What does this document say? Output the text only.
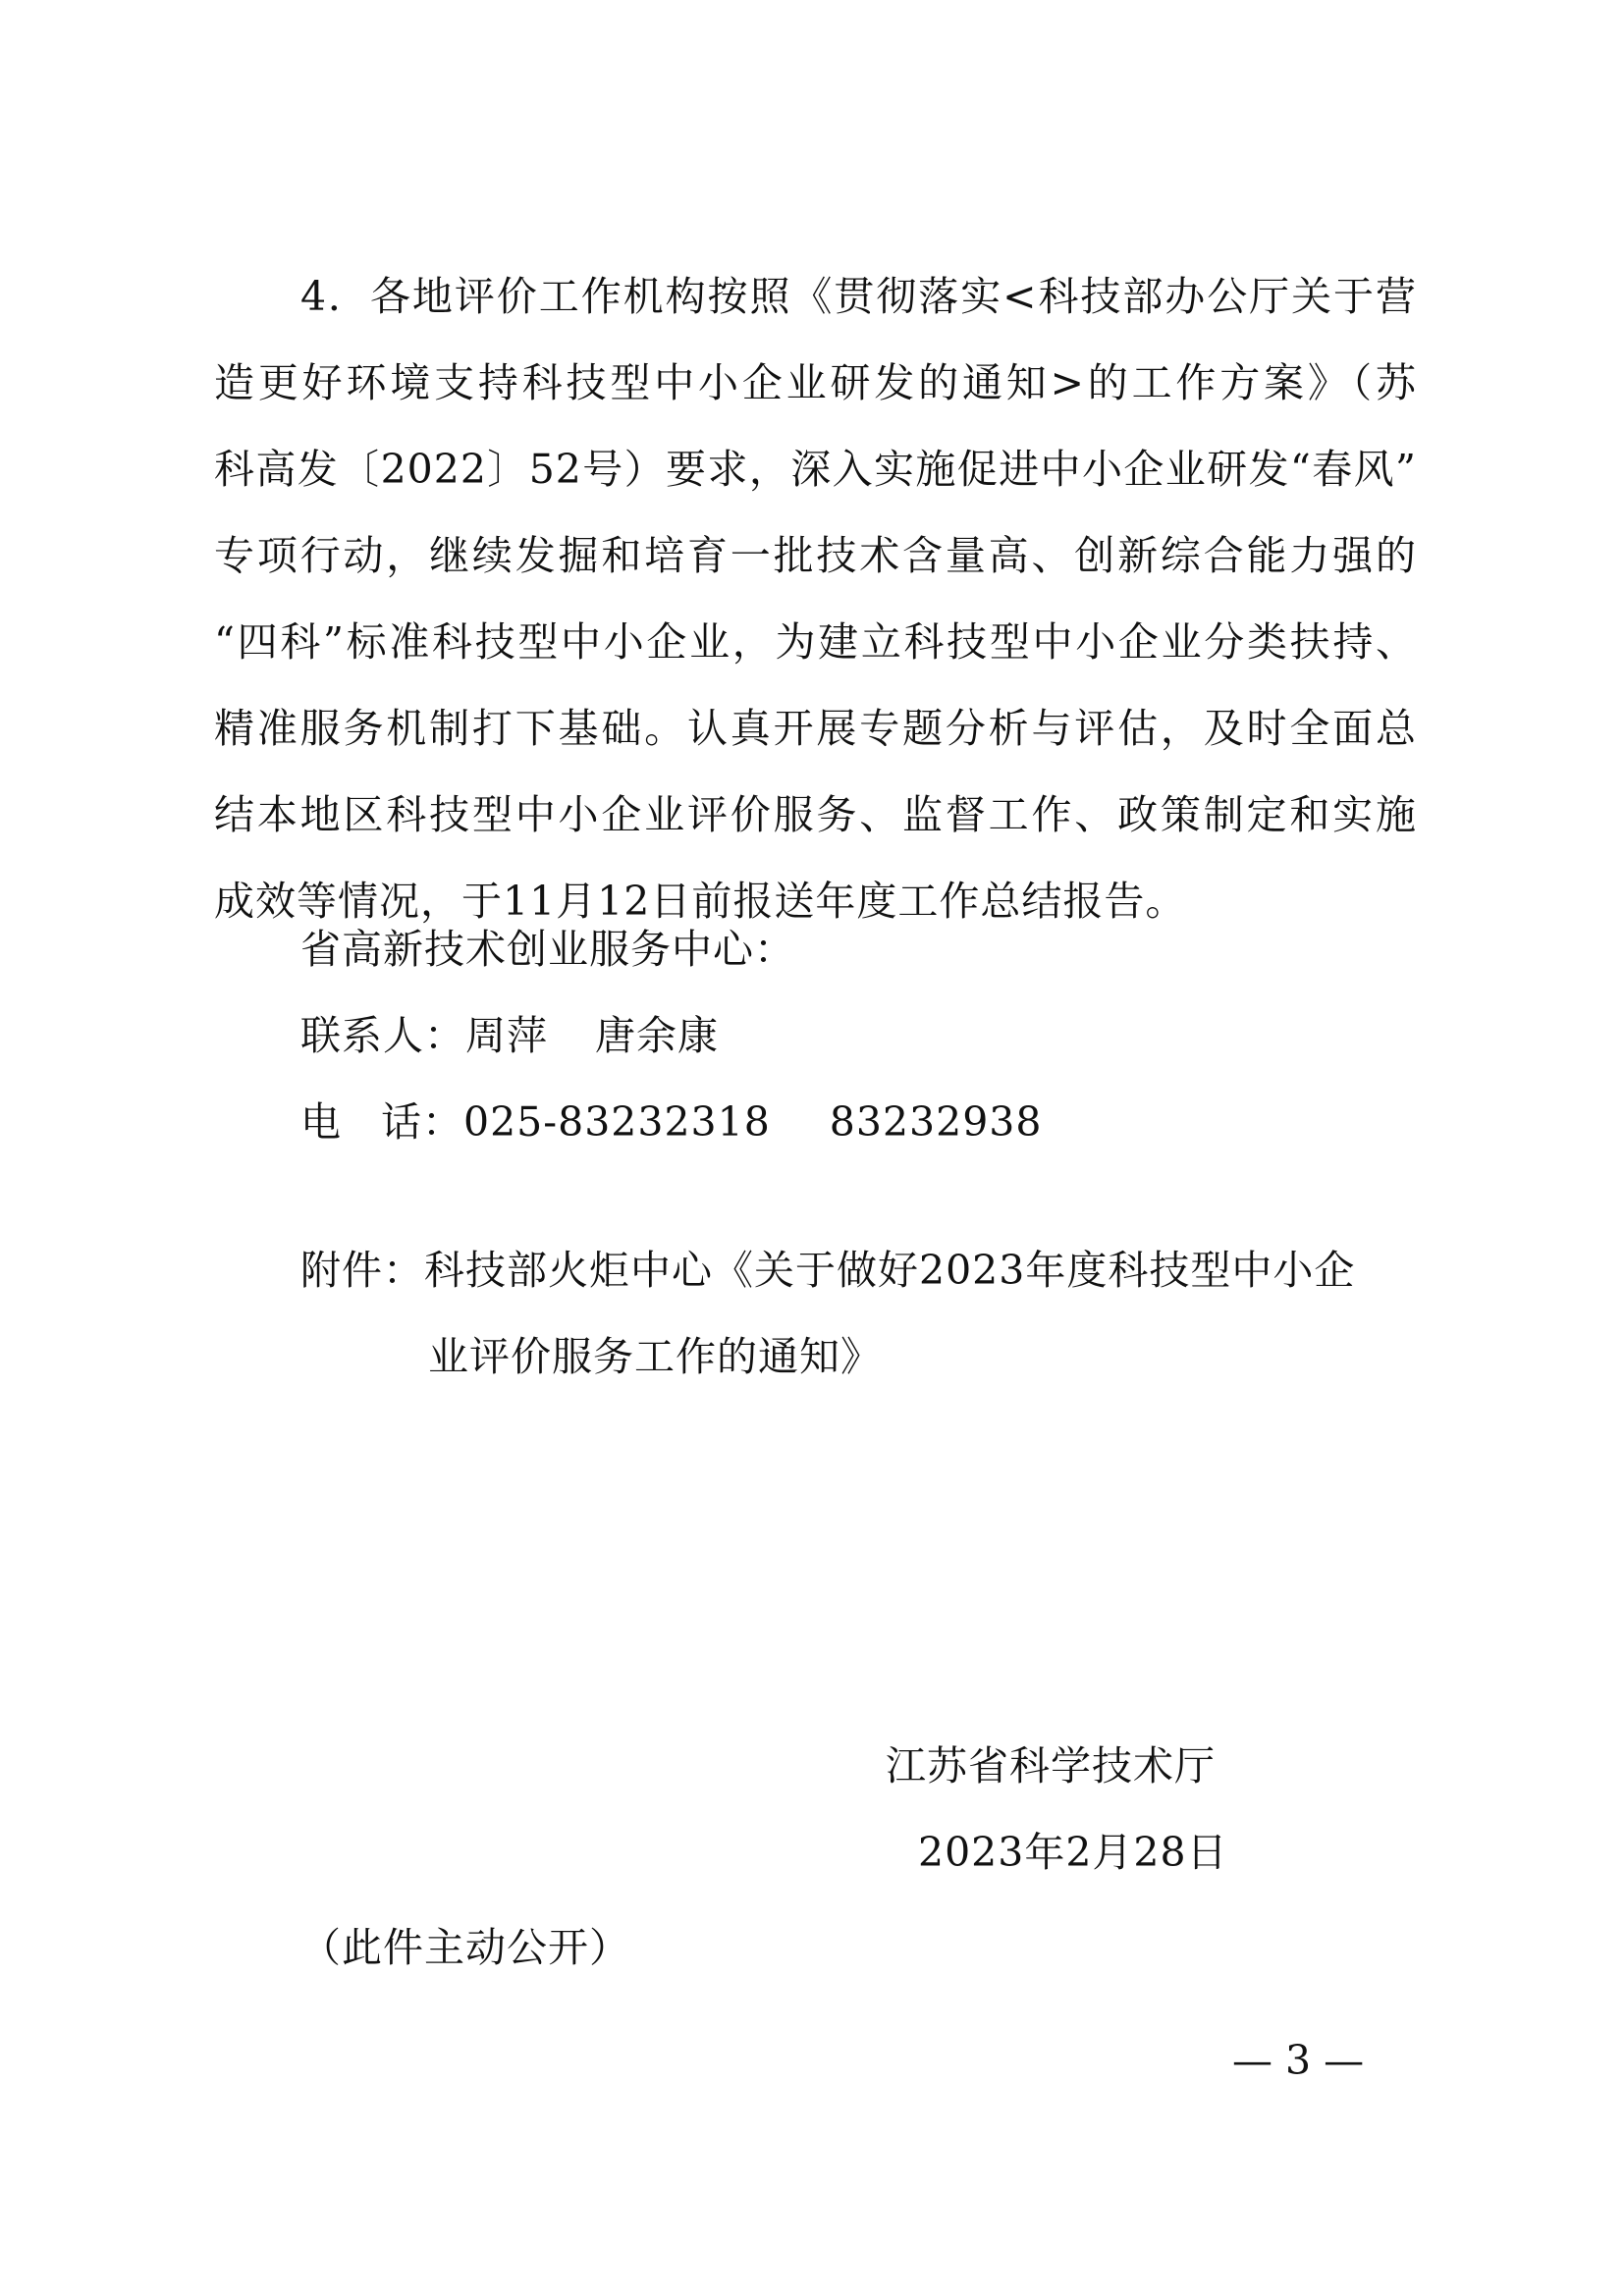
4．各地评价工作机构按照《贯彻落实<科技部办公厅关于营
造更好环境支持科技型中小企业研发的通知>的工作方案》（苏
科高发〔2022〕52号）要求，深入实施促进中小企业研发“春风”
专项行动，继续发掘和培育一批技术含量高、创新综合能力强的
“四科”标准科技型中小企业，为建立科技型中小企业分类扶持、
精准服务机制打下基础。认真开展专题分析与评估，及时全面总
结本地区科技型中小企业评价服务、监督工作、政策制定和实施
成效等情况，于11月12日前报送年度工作总结报告。
省高新技术创业服务中心：
联系人：周萍 唐余康
电 话：025-83232318 83232938
附件：科技部火炬中心《关于做好2023年度科技型中小企
业评价服务工作的通知》
江苏省科学技术厅
2023年2月28日
（此件主动公开）
— 3 —
